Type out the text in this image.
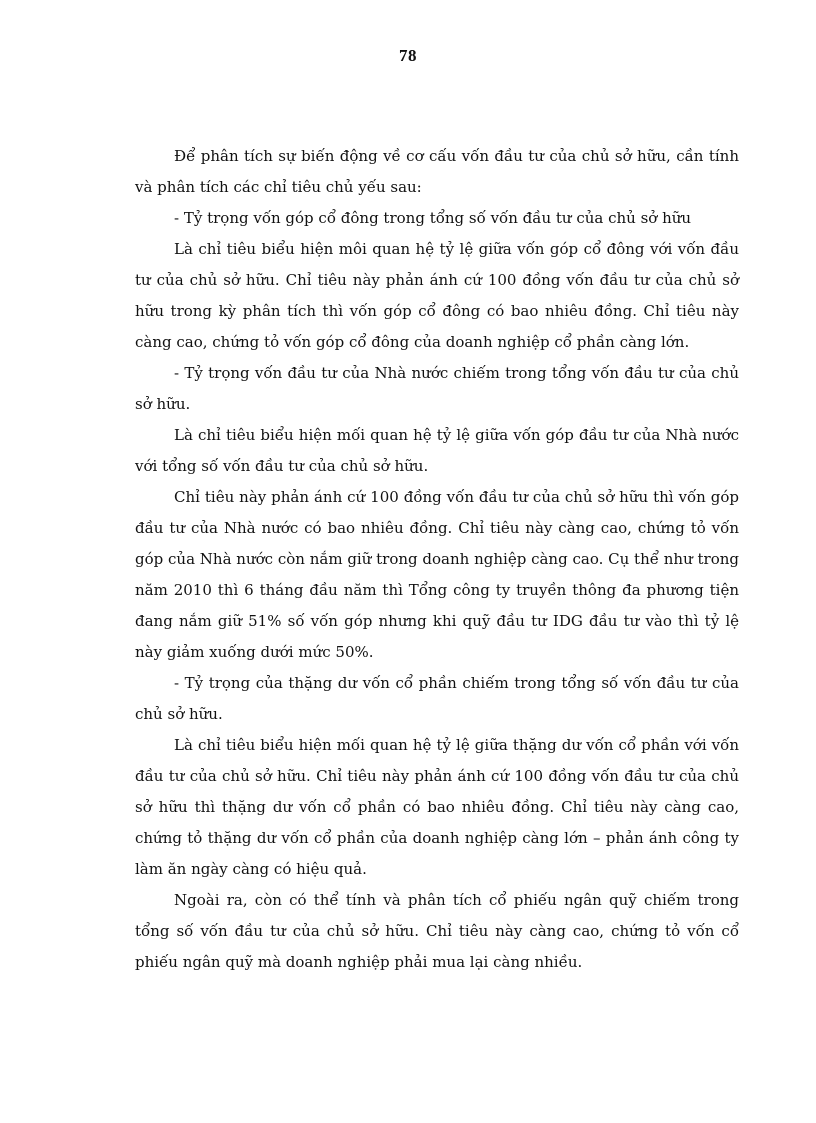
78

Để phân tích sự biến động về cơ cấu vốn đầu tư của chủ sở hữu, cần tính và phân tích các chỉ tiêu chủ yếu sau:

- Tỷ trọng vốn góp cổ đông trong tổng số vốn đầu tư của chủ sở hữu

Là chỉ tiêu biểu hiện môi quan hệ tỷ lệ giữa vốn góp cổ đông với vốn đầu tư của chủ sở hữu. Chỉ tiêu này phản ánh cứ 100 đồng vốn đầu tư của chủ sở hữu trong kỳ phân tích thì vốn góp cổ đông có bao nhiêu đồng. Chỉ tiêu này càng cao, chứng tỏ vốn góp cổ đông của doanh nghiệp cổ phần càng lớn.

- Tỷ trọng vốn đầu tư của Nhà nước chiếm trong tổng vốn đầu tư của chủ sở hữu.

Là chỉ tiêu biểu hiện mối quan hệ tỷ lệ giữa vốn góp đầu tư của Nhà nước với tổng số vốn đầu tư của chủ sở hữu.

Chỉ tiêu này phản ánh cứ 100 đồng vốn đầu tư của chủ sở hữu thì vốn góp đầu tư của Nhà nước có bao nhiêu đồng. Chỉ tiêu này càng cao, chứng tỏ vốn góp của Nhà nước còn nắm giữ trong doanh nghiệp càng cao. Cụ thể như trong năm 2010 thì 6 tháng đầu năm thì Tổng công ty truyền thông đa phương tiện đang nắm giữ 51% số vốn góp nhưng khi quỹ đầu tư IDG đầu tư vào thì tỷ lệ này giảm xuống dưới mức 50%.

- Tỷ trọng của thặng dư vốn cổ phần chiếm trong tổng số vốn đầu tư của chủ sở hữu.

Là chỉ tiêu biểu hiện mối quan hệ tỷ lệ giữa thặng dư vốn cổ phần với vốn đầu tư của chủ sở hữu. Chỉ tiêu này phản ánh cứ 100 đồng vốn đầu tư của chủ sở hữu thì thặng dư vốn cổ phần có bao nhiêu đồng. Chỉ tiêu này càng cao, chứng tỏ thặng dư vốn cổ phần của doanh nghiệp càng lớn – phản ánh công ty làm ăn ngày càng có hiệu quả.

Ngoài ra, còn có thể tính và phân tích cổ phiếu ngân quỹ chiếm trong tổng số vốn đầu tư của chủ sở hữu. Chỉ tiêu này càng cao, chứng tỏ vốn cổ phiếu ngân quỹ mà doanh nghiệp phải mua lại càng nhiều.
